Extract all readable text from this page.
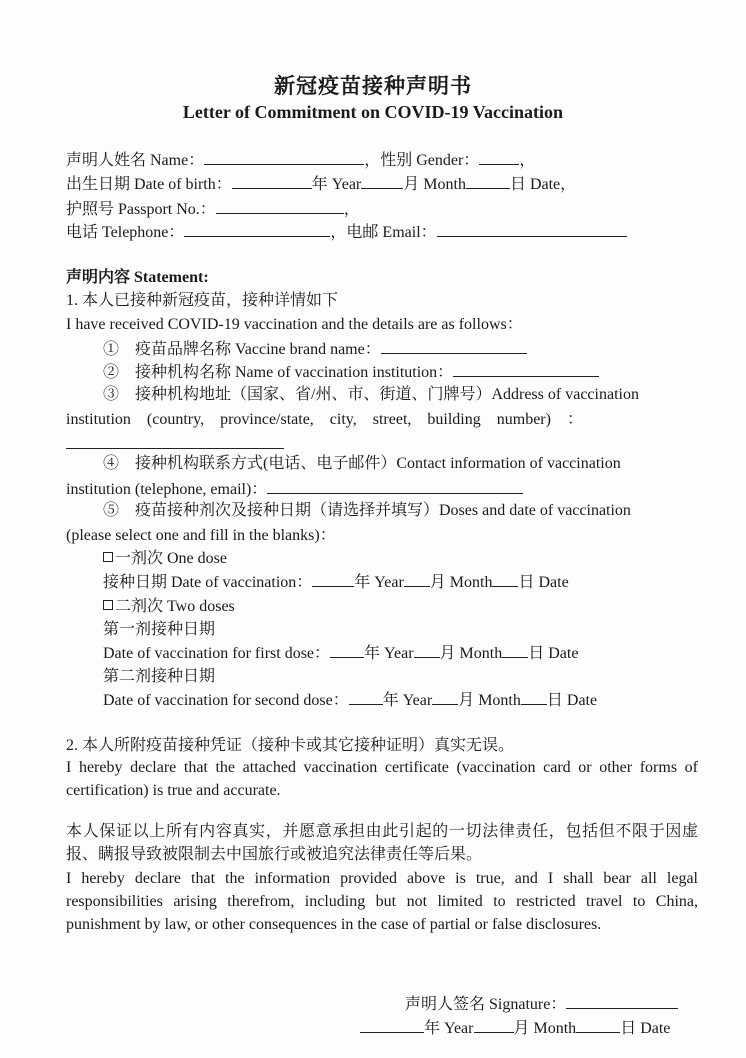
新冠疫苗接种声明书
Letter of Commitment on COVID-19 Vaccination
声明人姓名 Name：	，性别 Gender：	，
出生日期 Date of birth：	年 Year	月 Month	日 Date，
护照号 Passport No.：	，
电话 Telephone：	，电邮 Email：
声明内容 Statement:
1. 本人已接种新冠疫苗，接种详情如下
I have received COVID-19 vaccination and the details are as follows：
①　疫苗品牌名称 Vaccine brand name：
②　接种机构名称 Name of vaccination institution：
③　接种机构地址（国家、省/州、市、街道、门牌号）Address of vaccination
institution　(country,　province/state,　city,　street,　building　number)　：
④　接种机构联系方式(电话、电子邮件）Contact information of vaccination
institution (telephone, email)：
⑤　疫苗接种剂次及接种日期（请选择并填写）Doses and date of vaccination
(please select one and fill in the blanks)：
一剂次 One dose
接种日期 Date of vaccination：	年 Year 月 Month 日 Date
二剂次 Two doses
第一剂接种日期
Date of vaccination for first dose： 年 Year 月 Month 日 Date
第二剂接种日期
Date of vaccination for second dose： 年 Year 月 Month 日 Date
2. 本人所附疫苗接种凭证（接种卡或其它接种证明）真实无误。
I hereby declare that the attached vaccination certificate (vaccination card or other forms of certification) is true and accurate.
本人保证以上所有内容真实，并愿意承担由此引起的一切法律责任，包括但不限于因虚报、瞒报导致被限制去中国旅行或被追究法律责任等后果。
I hereby declare that the information provided above is true, and I shall bear all legal responsibilities arising therefrom, including but not limited to restricted travel to China, punishment by law, or other consequences in the case of partial or false disclosures.
声明人签名 Signature：
年 Year	月 Month	日 Date
